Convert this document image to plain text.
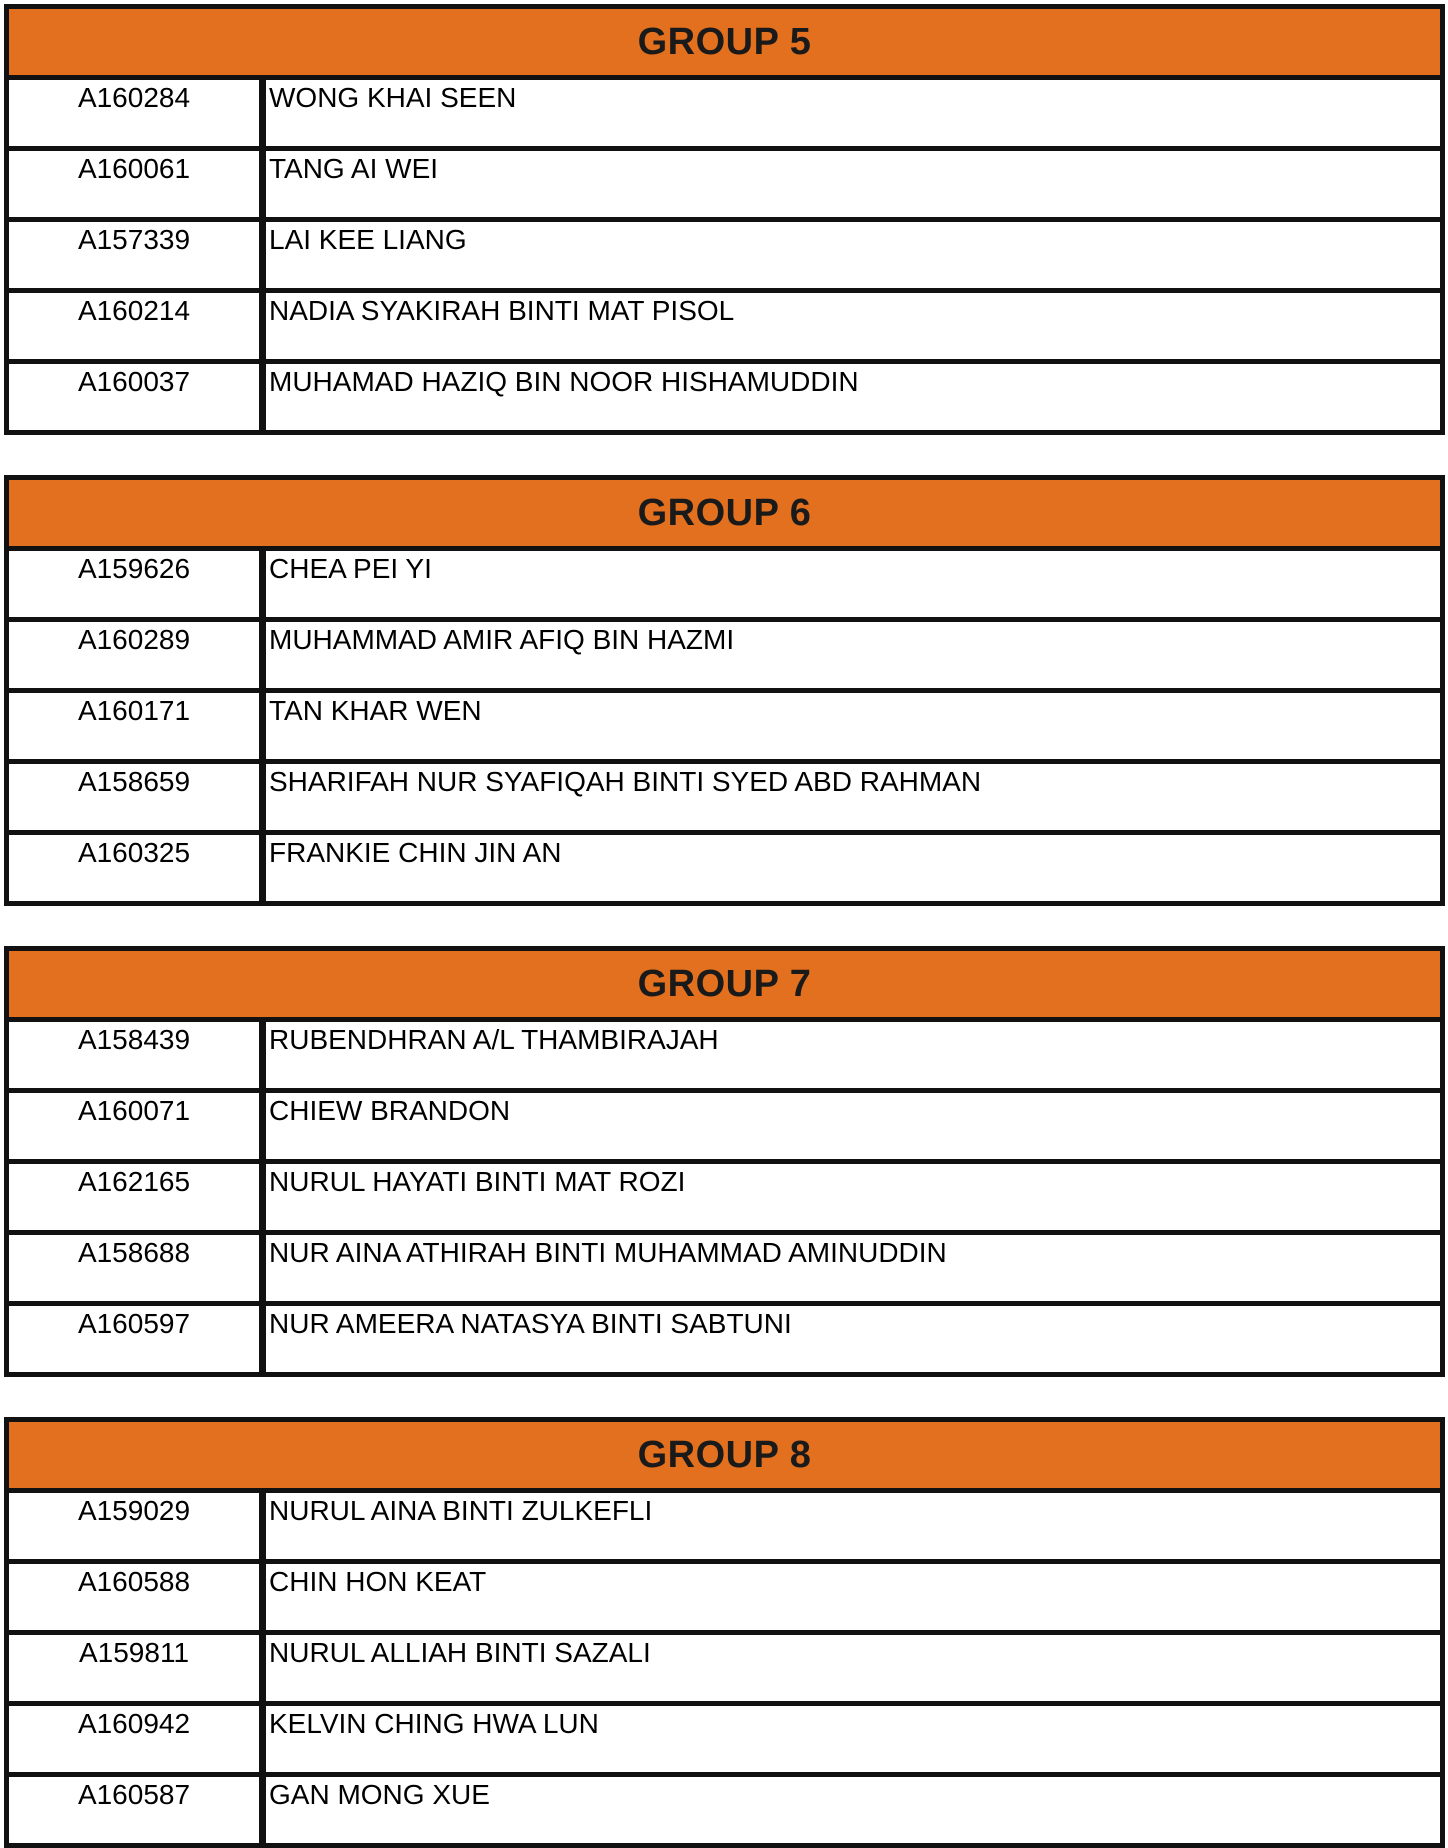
GROUP 5	
A160284	WONG KHAI SEEN
A160061	TANG AI WEI
A157339	LAI KEE LIANG
A160214	NADIA SYAKIRAH BINTI MAT PISOL
A160037	MUHAMAD HAZIQ BIN NOOR HISHAMUDDIN
GROUP 6	
A159626	CHEA PEI YI
A160289	MUHAMMAD AMIR AFIQ BIN HAZMI
A160171	TAN KHAR WEN
A158659	SHARIFAH NUR SYAFIQAH BINTI SYED ABD RAHMAN
A160325	FRANKIE CHIN JIN AN
GROUP 7	
A158439	RUBENDHRAN A/L THAMBIRAJAH
A160071	CHIEW BRANDON
A162165	NURUL HAYATI BINTI MAT ROZI
A158688	NUR AINA ATHIRAH BINTI MUHAMMAD AMINUDDIN
A160597	NUR AMEERA NATASYA BINTI SABTUNI
GROUP 8	
A159029	NURUL AINA BINTI ZULKEFLI
A160588	CHIN HON KEAT
A159811	NURUL ALLIAH BINTI SAZALI
A160942	KELVIN CHING HWA LUN
A160587	GAN MONG XUE
